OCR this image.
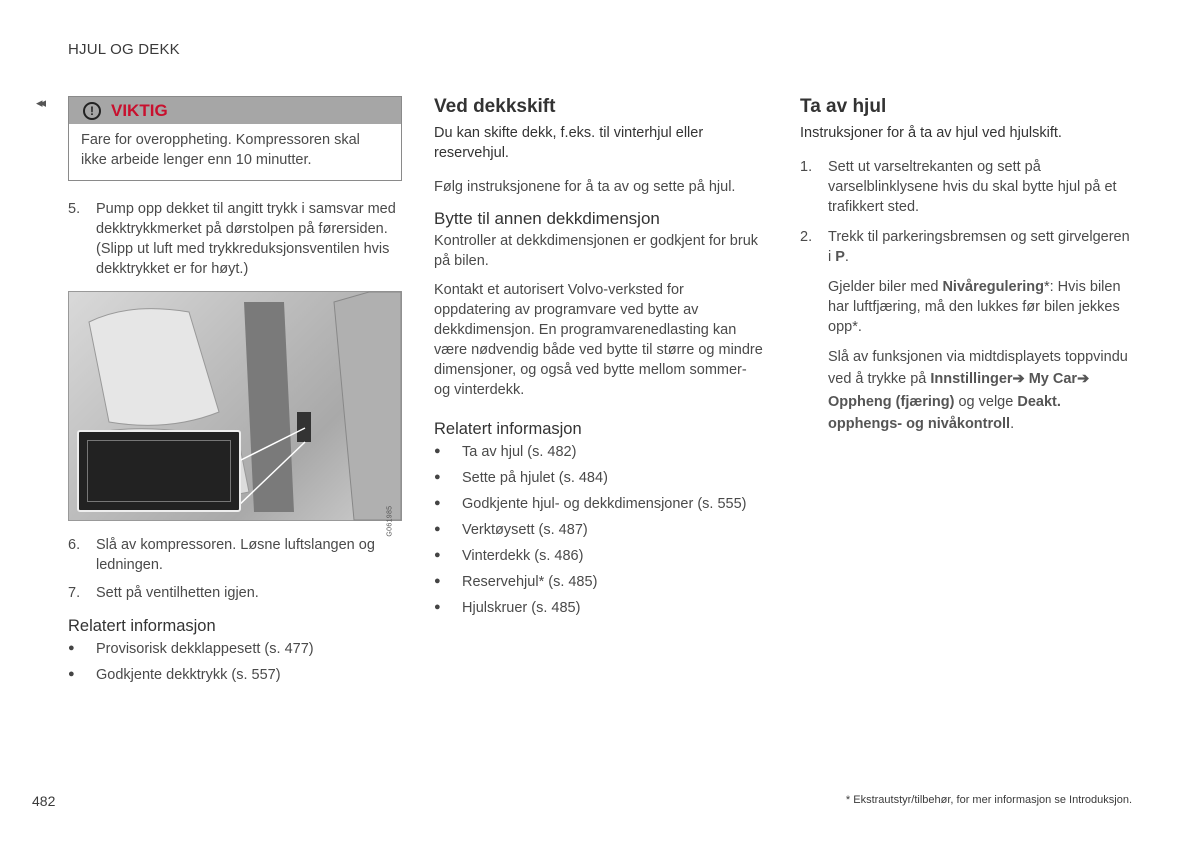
HJUL OG DEKK
◂◂
!	VIKTIG
Fare for overoppheting. Kompressoren skal ikke arbeide lenger enn 10 minutter.
5.	Pump opp dekket til angitt trykk i samsvar med dekktrykkmerket på dørstolpen på førersiden. (Slipp ut luft med trykkreduksjonsventilen hvis dekktrykket er for høyt.)
G061985
6.	Slå av kompressoren. Løsne luftslangen og ledningen.
7.	Sett på ventilhetten igjen.
Relatert informasjon
●	Provisorisk dekklappesett (s. 477)
●	Godkjente dekktrykk (s. 557)
Ved dekkskift

Du kan skifte dekk, f.eks. til vinterhjul eller reservehjul.

Følg instruksjonene for å ta av og sette på hjul.

Bytte til annen dekkdimensjon

Kontroller at dekkdimensjonen er godkjent for bruk på bilen.

Kontakt et autorisert Volvo-verksted for oppdatering av programvare ved bytte av dekkdimensjon. En programvarenedlasting kan være nødvendig både ved bytte til større og mindre dimensjoner, og også ved bytte mellom sommer- og vinterdekk.

Relatert informasjon
●	Ta av hjul (s. 482)
●	Sette på hjulet (s. 484)
●	Godkjente hjul- og dekkdimensjoner (s. 555)
●	Verktøysett (s. 487)
●	Vinterdekk (s. 486)
●	Reservehjul* (s. 485)
●	Hjulskruer (s. 485)
Ta av hjul

Instruksjoner for å ta av hjul ved hjulskift.

1.	Sett ut varseltrekanten og sett på varselblinklysene hvis du skal bytte hjul på et trafikkert sted.
2.	Trekk til parkeringsbremsen og sett girvelgeren i P.

Gjelder biler med Nivåregulering*: Hvis bilen har luftfjæring, må den lukkes før bilen jekkes opp*.

Slå av funksjonen via midtdisplayets toppvindu ved å trykke på Innstillinger➔ My Car➔ Oppheng (fjæring) og velge Deakt. opphengs- og nivåkontroll.

482	* Ekstrautstyr/tilbehør, for mer informasjon se Introduksjon.
